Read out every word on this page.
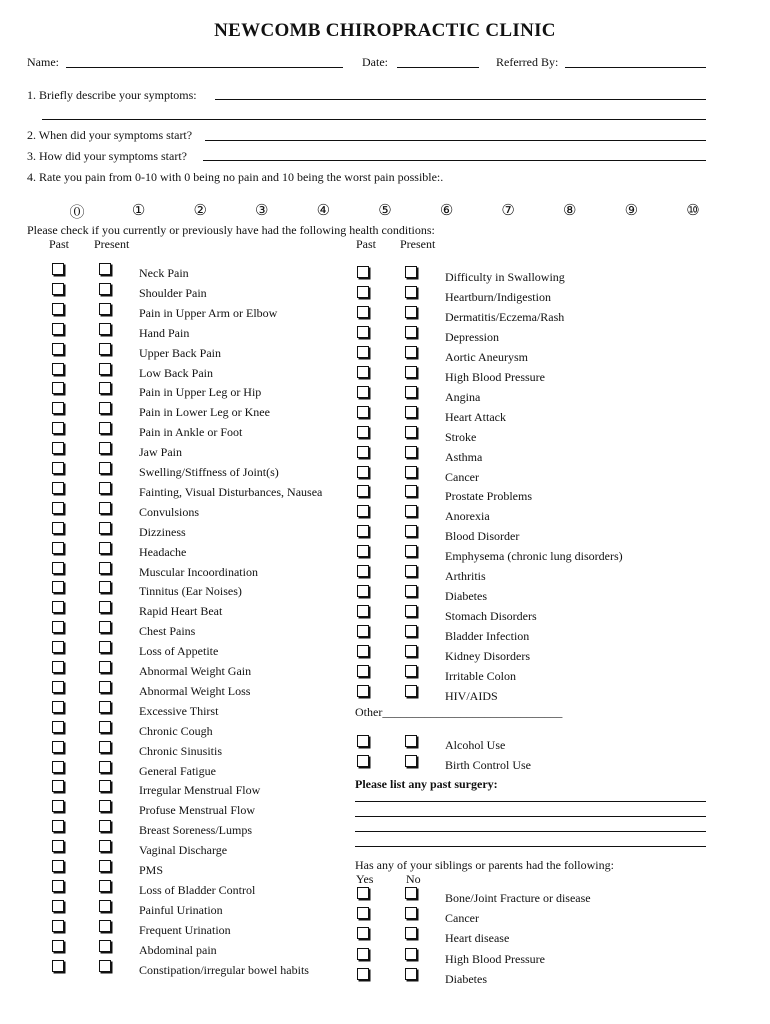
NEWCOMB CHIROPRACTIC CLINIC
Name:	Date:	Referred By:
1. Briefly describe your symptoms:
2. When did your symptoms start?
3. How did your symptoms start?
4. Rate you pain from 0-10 with 0 being no pain and 10 being the worst pain possible:.
⓪	①	②	③	④	⑤	⑥	⑦	⑧	⑨	⑩
Please check if you currently or previously have had the following health conditions:
Past Present	Past Present
Neck Pain
Shoulder Pain
Pain in Upper Arm or Elbow
Hand Pain
Upper Back Pain
Low Back Pain
Pain in Upper Leg or Hip
Pain in Lower Leg or Knee
Pain in Ankle or Foot
Jaw Pain
Swelling/Stiffness of Joint(s)
Fainting, Visual Disturbances, Nausea
Convulsions
Dizziness
Headache
Muscular Incoordination
Tinnitus (Ear Noises)
Rapid Heart Beat
Chest Pains
Loss of Appetite
Abnormal Weight Gain
Abnormal Weight Loss
Excessive Thirst
Chronic Cough
Chronic Sinusitis
General Fatigue
Irregular Menstrual Flow
Profuse Menstrual Flow
Breast Soreness/Lumps
Vaginal Discharge
PMS
Loss of Bladder Control
Painful Urination
Frequent Urination
Abdominal pain
Constipation/irregular bowel habits
Difficulty in Swallowing
Heartburn/Indigestion
Dermatitis/Eczema/Rash
Depression
Aortic Aneurysm
High Blood Pressure
Angina
Heart Attack
Stroke
Asthma
Cancer
Prostate Problems
Anorexia
Blood Disorder
Emphysema (chronic lung disorders)
Arthritis
Diabetes
Stomach Disorders
Bladder Infection
Kidney Disorders
Irritable Colon
HIV/AIDS
Other______________________________
Alcohol Use
Birth Control Use
Please list any past surgery:
Has any of your siblings or parents had the following:
Yes	No
Bone/Joint Fracture or disease
Cancer
Heart disease
High Blood Pressure
Diabetes
